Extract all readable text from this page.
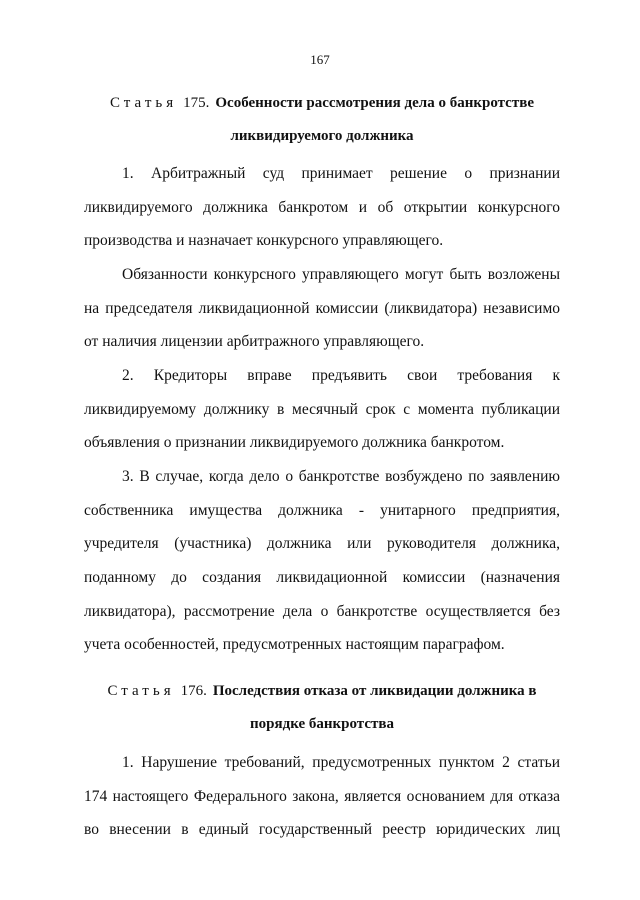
167
Статья 175. Особенности рассмотрения дела о банкротстве
ликвидируемого должника
1. Арбитражный суд принимает решение о признании
ликвидируемого должника банкротом и об открытии конкурсного
производства и назначает конкурсного управляющего.
Обязанности конкурсного управляющего могут быть возложены
на председателя ликвидационной комиссии (ликвидатора) независимо
от наличия лицензии арбитражного управляющего.
2. Кредиторы вправе предъявить свои требования к
ликвидируемому должнику в месячный срок с момента публикации
объявления о признании ликвидируемого должника банкротом.
3. В случае, когда дело о банкротстве возбуждено по заявлению
собственника имущества должника - унитарного предприятия,
учредителя (участника) должника или руководителя должника,
поданному до создания ликвидационной комиссии (назначения
ликвидатора), рассмотрение дела о банкротстве осуществляется без
учета особенностей, предусмотренных настоящим параграфом.
Статья 176. Последствия отказа от ликвидации должника в
порядке банкротства
1. Нарушение требований, предусмотренных пунктом 2 статьи
174 настоящего Федерального закона, является основанием для отказа
во внесении в единый государственный реестр юридических лиц
